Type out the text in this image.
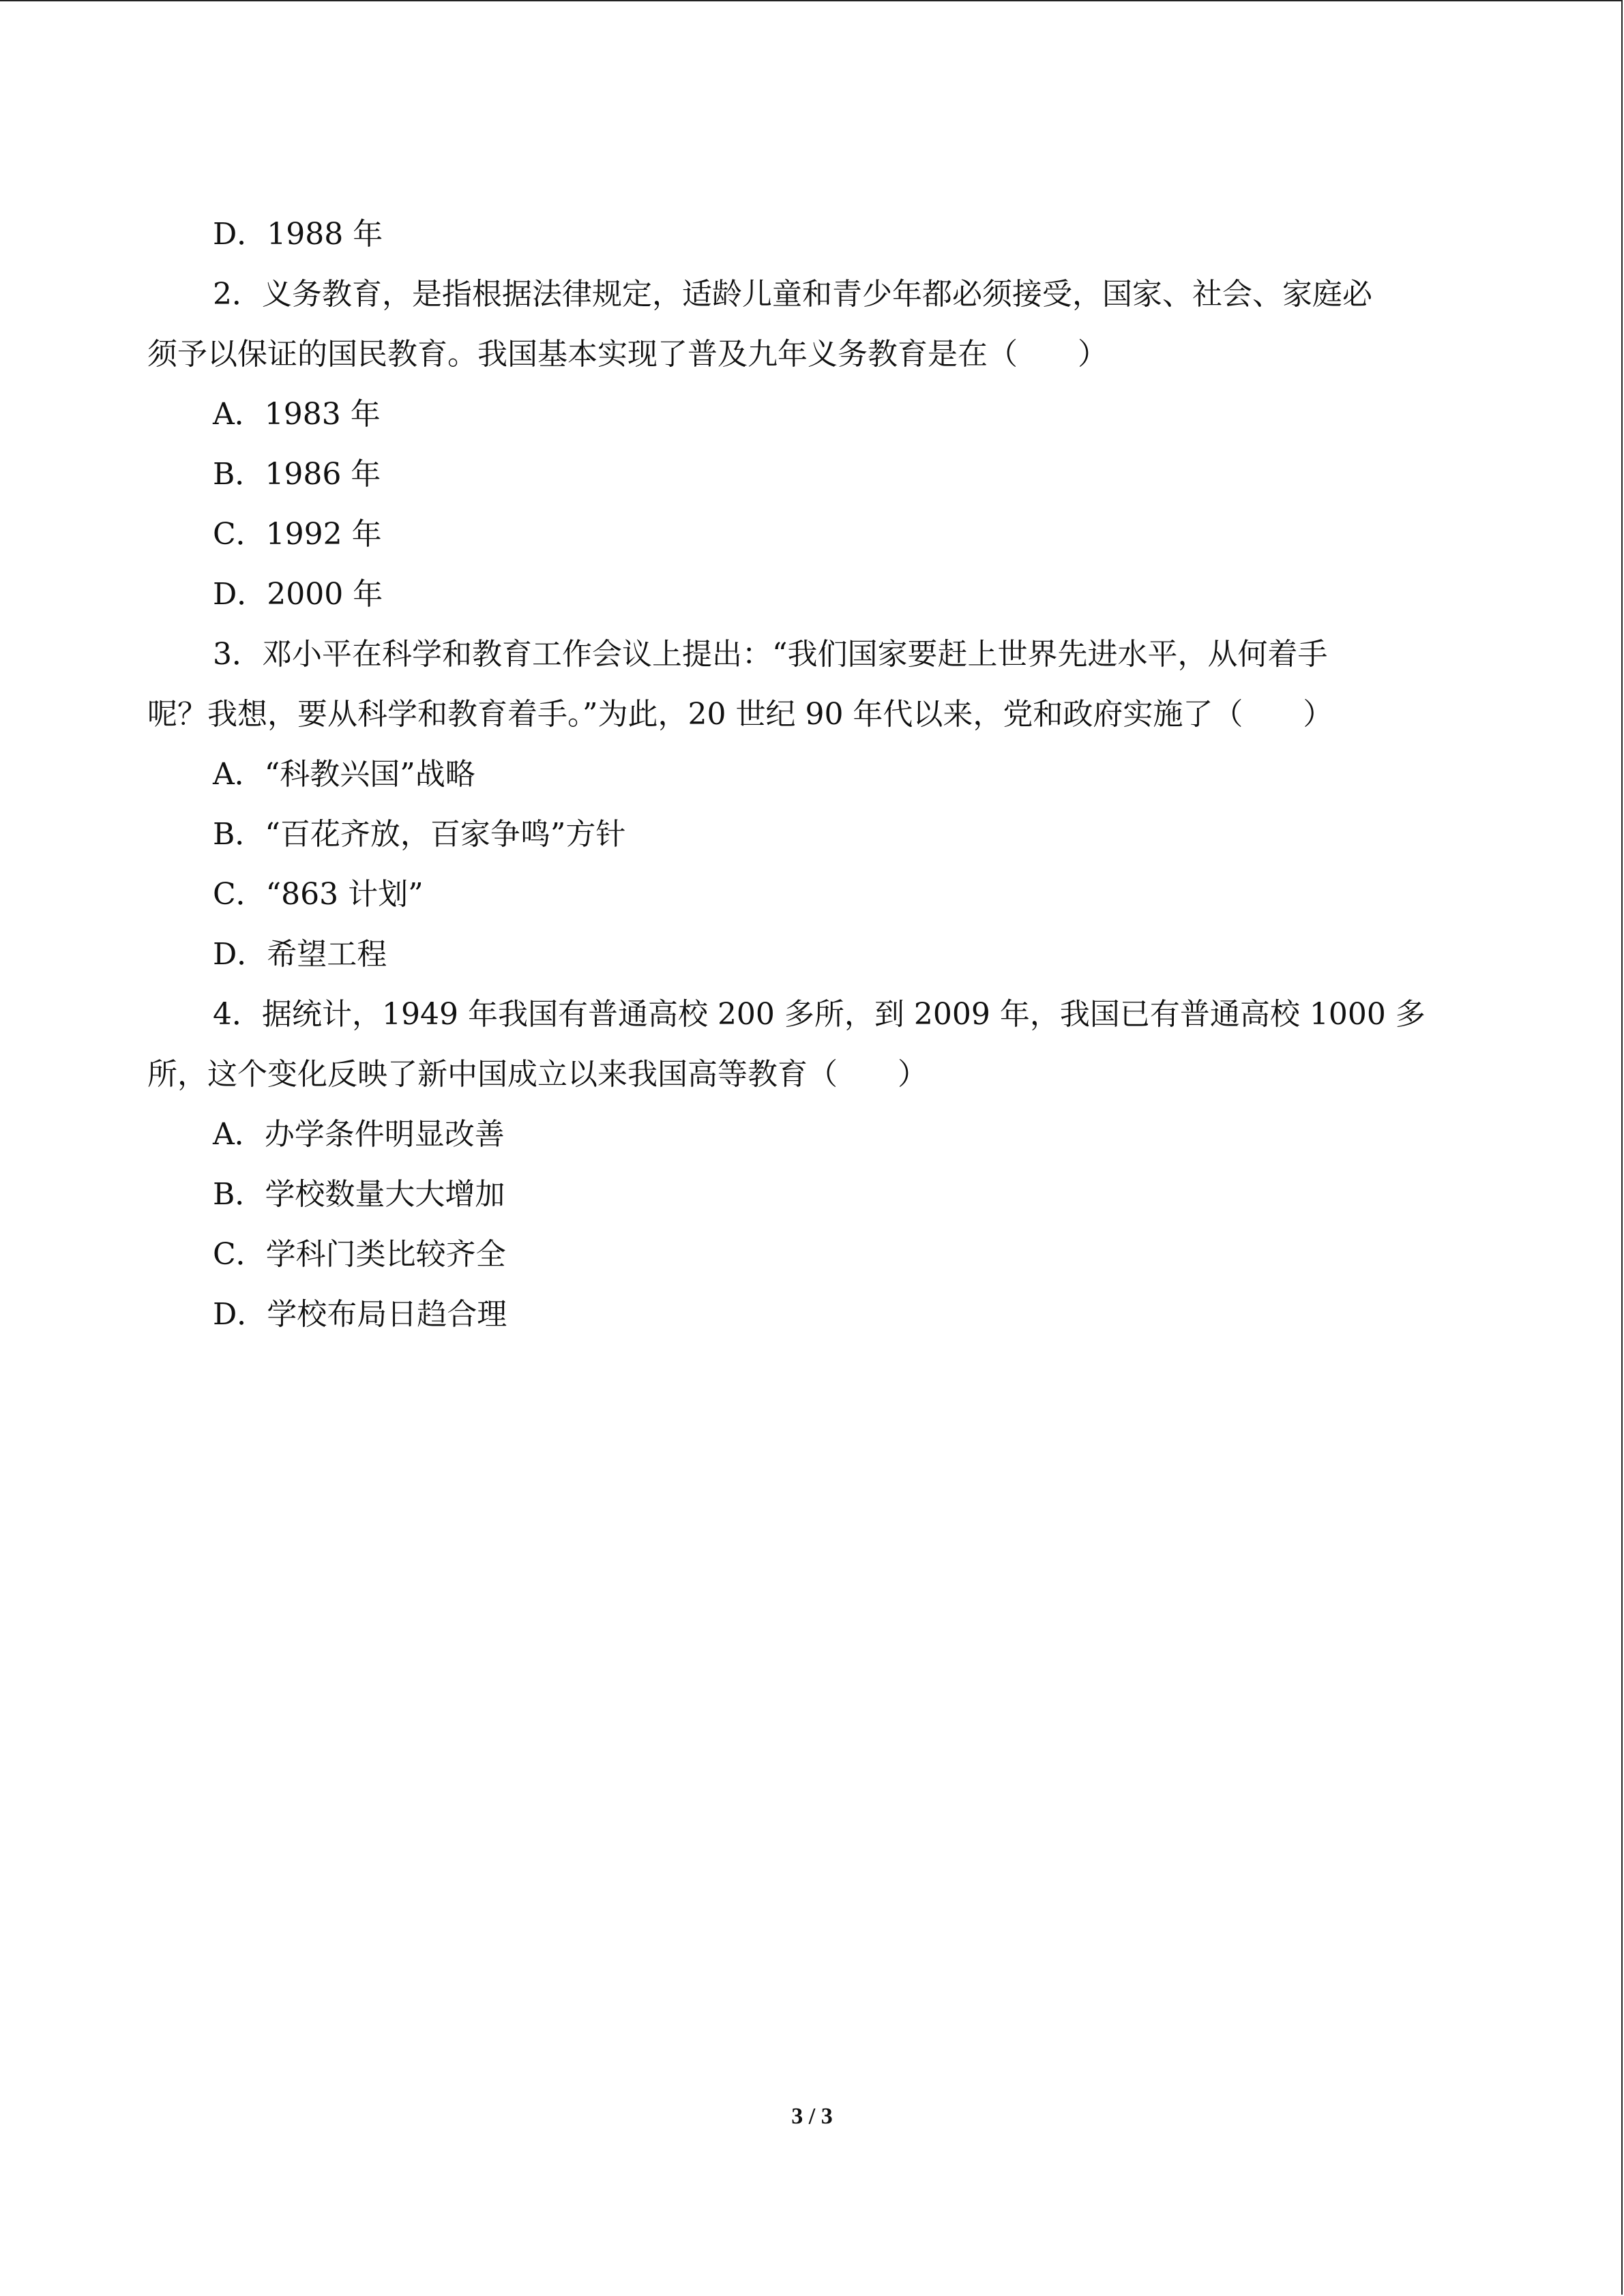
D．1988 年
2．义务教育，是指根据法律规定，适龄儿童和青少年都必须接受，国家、社会、家庭必
须予以保证的国民教育。我国基本实现了普及九年义务教育是在（　　）
A．1983 年
B．1986 年
C．1992 年
D．2000 年
3．邓小平在科学和教育工作会议上提出：“我们国家要赶上世界先进水平，从何着手
呢？我想，要从科学和教育着手。”为此，20 世纪 90 年代以来，党和政府实施了（　　）
A．“科教兴国”战略
B．“百花齐放，百家争鸣”方针
C．“863 计划”
D．希望工程
4．据统计，1949 年我国有普通高校 200 多所，到 2009 年，我国已有普通高校 1000 多
所，这个变化反映了新中国成立以来我国高等教育（　　）
A．办学条件明显改善
B．学校数量大大增加
C．学科门类比较齐全
D．学校布局日趋合理
3 / 3
